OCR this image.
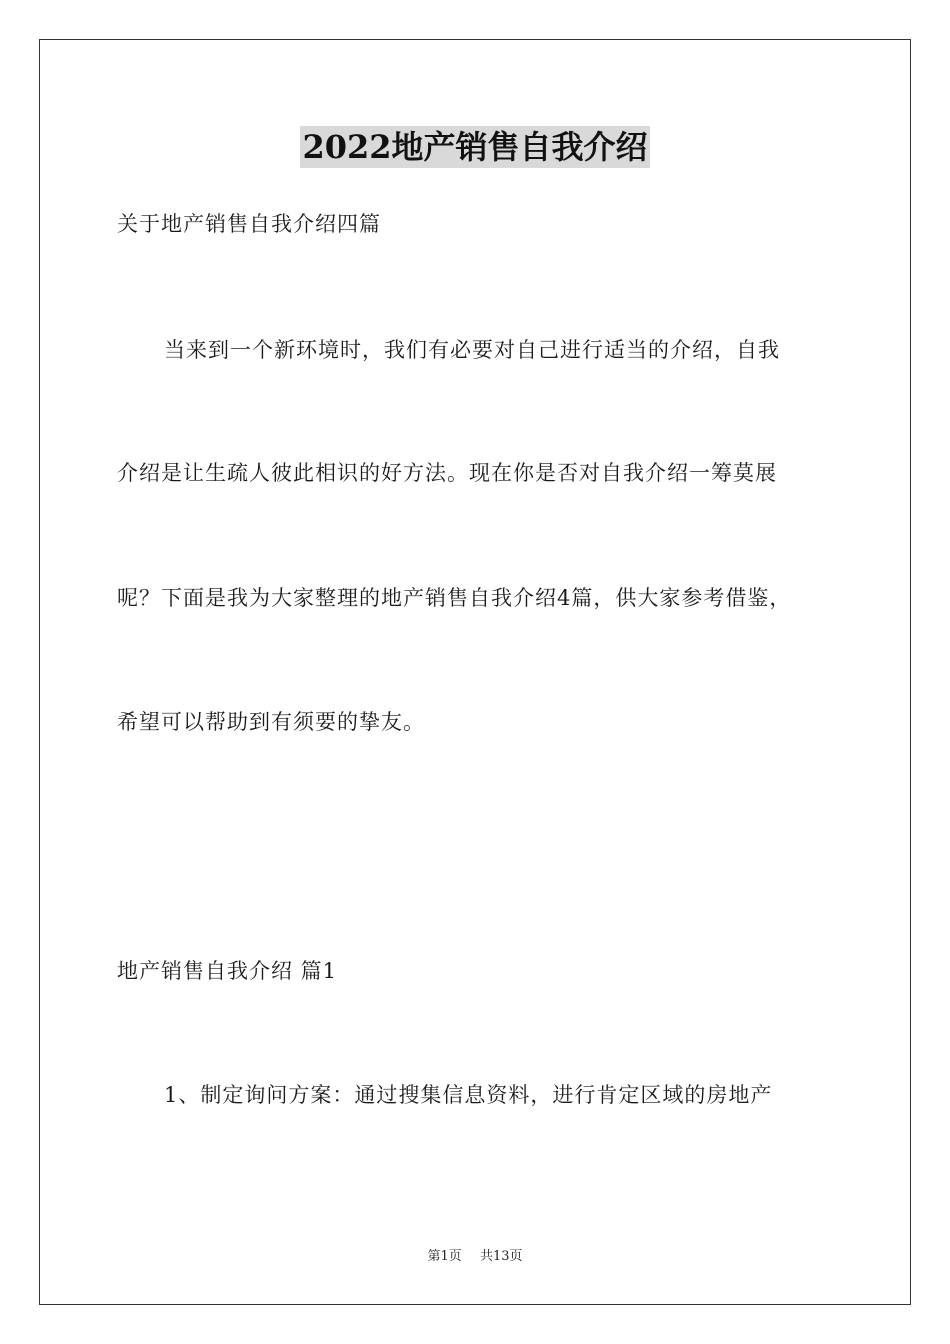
2022地产销售自我介绍
关于地产销售自我介绍四篇
当来到一个新环境时，我们有必要对自己进行适当的介绍，自我
介绍是让生疏人彼此相识的好方法。现在你是否对自我介绍一筹莫展
呢？下面是我为大家整理的地产销售自我介绍4篇，供大家参考借鉴，
希望可以帮助到有须要的挚友。
地产销售自我介绍 篇1
1、制定询问方案：通过搜集信息资料，进行肯定区域的房地产
第1页 共13页
